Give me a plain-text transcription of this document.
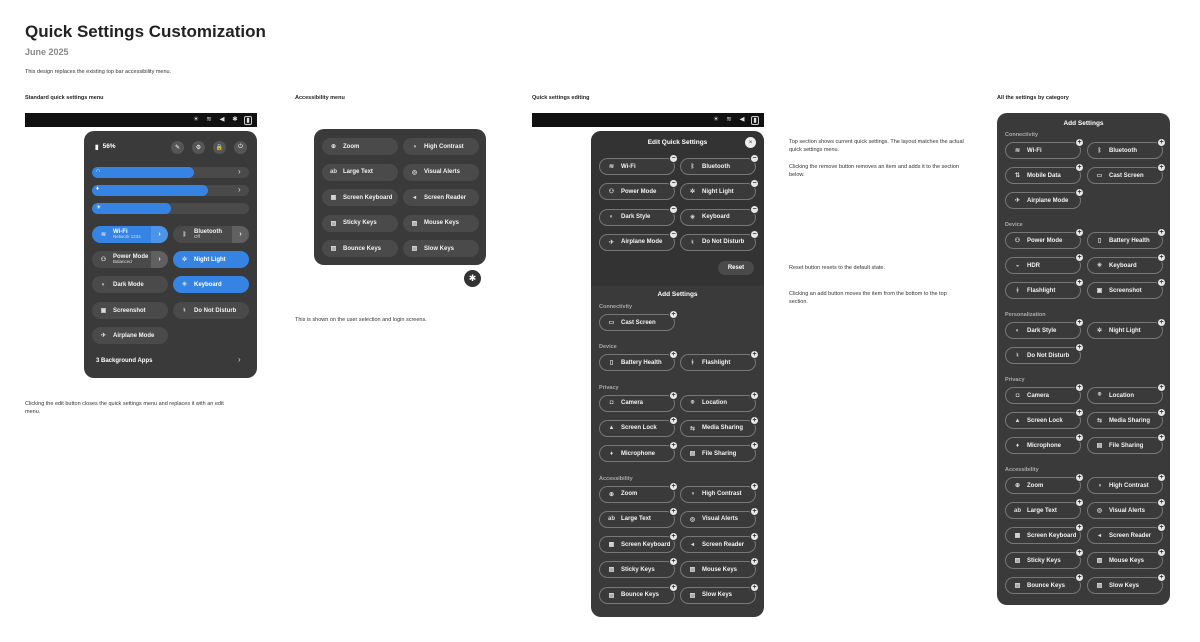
Quick Settings Customization
June 2025
This design replaces the existing top bar accessibility menu.
Standard quick settings menu	Accessibility menu	Quick settings editing	All the settings by category
☀ ≋ ◀ ✱	▮
▮ 56%	✎	⚙	🔒	⏻
∩	›
♦	›
☀
≋
Wi-Fi
Network 1234	›	ᛒ	Bluetooth
Off	›
⚇
Power Mode
Balanced	›	✲	Night Light
◐	Dark Mode	✳	Keyboard
▣ Screenshot	♮	Do Not Disturb
✈	Airplane Mode
3 Background Apps	›
Clicking the edit button closes the quick settings menu and replaces it with an edit menu.
⊕	Zoom	◑	High Contrast
ab Large Text	◎	Visual Alerts
▦ Screen Keyboard	◂	Screen Reader
▨ Sticky Keys	▨ Mouse Keys
▨ Bounce Keys	▨ Slow Keys
✱
This is shown on the user selection and login screens.
☀ ≋ ◀	▮
Edit Quick Settings	×
≋	Wi-Fi
−
ᛒ	Bluetooth
−
⚇	Power Mode
−
✲	Night Light
−
◐	Dark Style
−
✳	Keyboard
−
✈	Airplane Mode
−
♮	Do Not Disturb
−
Reset
Add Settings
Connectivity
▭ Cast Screen
+
Device
▯	Battery Health
+
ᚼ	Flashlight
+
Privacy
◘	Camera
+
⌾	Location
+
▲ Screen Lock
+
⇆	Media Sharing
+
♦	Microphone
+
▤ File Sharing
+
Accessibility
⊕	Zoom
+
◑	High Contrast
+
ab Large Text
+
◎	Visual Alerts
+
▦ Screen Keyboard
+
◂	Screen Reader
+
▨ Sticky Keys
+
▨ Mouse Keys
+
▨ Bounce Keys
+
▨ Slow Keys
+
Top section shows current quick settings. The layout matches the actual quick settings menu.
Clicking the remove button removes an item and adds it to the section below.
Reset button resets to the default state.
Clicking an add button moves the item from the bottom to the top section.
Add Settings
Connectivity
≋	Wi-Fi
+
ᛒ	Bluetooth
+
⇅	Mobile Data
+
▭ Cast Screen
+
✈	Airplane Mode
+
Device
⚇	Power Mode
+
▯	Battery Health
+
◒	HDR
+
✳	Keyboard
+
ᚼ	Flashlight
+
▣ Screenshot
+
Personalization
◐	Dark Style
+
✲	Night Light
+
♮	Do Not Disturb
+
Privacy
◘	Camera
+
⌾	Location
+
▲ Screen Lock
+
⇆	Media Sharing
+
♦	Microphone
+
▤ File Sharing
+
Accessibility
⊕	Zoom
+
◑	High Contrast
+
ab Large Text
+
◎	Visual Alerts
+
▦ Screen Keyboard
+
◂	Screen Reader
+
▨ Sticky Keys
+
▨ Mouse Keys
+
▨ Bounce Keys
+
▨ Slow Keys
+
